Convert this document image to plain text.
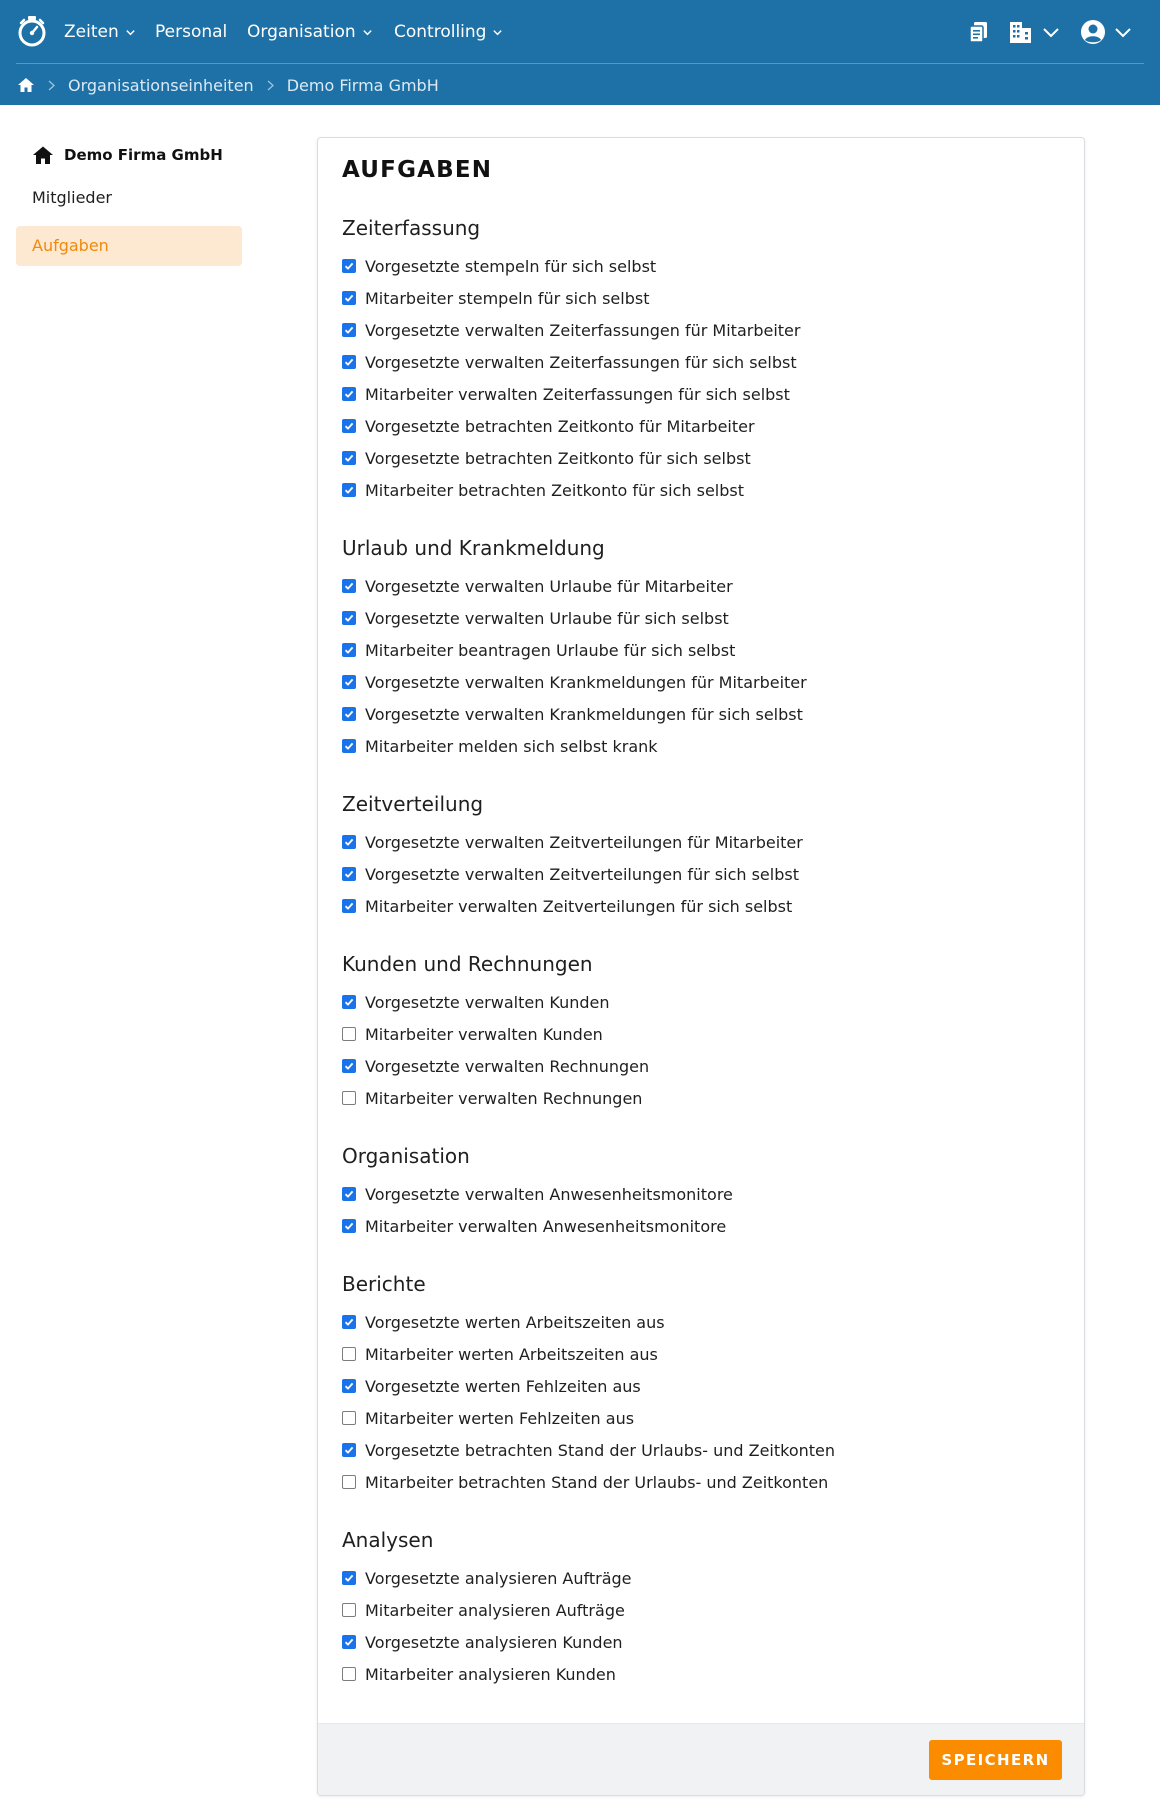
Zeiten Personal Organisation Controlling
Organisationseinheiten Demo Firma GmbH
Demo Firma GmbH
Mitglieder
Aufgaben
AUFGABEN
Zeiterfassung
Vorgesetzte stempeln für sich selbst
Mitarbeiter stempeln für sich selbst
Vorgesetzte verwalten Zeiterfassungen für Mitarbeiter
Vorgesetzte verwalten Zeiterfassungen für sich selbst
Mitarbeiter verwalten Zeiterfassungen für sich selbst
Vorgesetzte betrachten Zeitkonto für Mitarbeiter
Vorgesetzte betrachten Zeitkonto für sich selbst
Mitarbeiter betrachten Zeitkonto für sich selbst
Urlaub und Krankmeldung
Vorgesetzte verwalten Urlaube für Mitarbeiter
Vorgesetzte verwalten Urlaube für sich selbst
Mitarbeiter beantragen Urlaube für sich selbst
Vorgesetzte verwalten Krankmeldungen für Mitarbeiter
Vorgesetzte verwalten Krankmeldungen für sich selbst
Mitarbeiter melden sich selbst krank
Zeitverteilung
Vorgesetzte verwalten Zeitverteilungen für Mitarbeiter
Vorgesetzte verwalten Zeitverteilungen für sich selbst
Mitarbeiter verwalten Zeitverteilungen für sich selbst
Kunden und Rechnungen
Vorgesetzte verwalten Kunden
Mitarbeiter verwalten Kunden
Vorgesetzte verwalten Rechnungen
Mitarbeiter verwalten Rechnungen
Organisation
Vorgesetzte verwalten Anwesenheitsmonitore
Mitarbeiter verwalten Anwesenheitsmonitore
Berichte
Vorgesetzte werten Arbeitszeiten aus
Mitarbeiter werten Arbeitszeiten aus
Vorgesetzte werten Fehlzeiten aus
Mitarbeiter werten Fehlzeiten aus
Vorgesetzte betrachten Stand der Urlaubs- und Zeitkonten
Mitarbeiter betrachten Stand der Urlaubs- und Zeitkonten
Analysen
Vorgesetzte analysieren Aufträge
Mitarbeiter analysieren Aufträge
Vorgesetzte analysieren Kunden
Mitarbeiter analysieren Kunden
SPEICHERN
